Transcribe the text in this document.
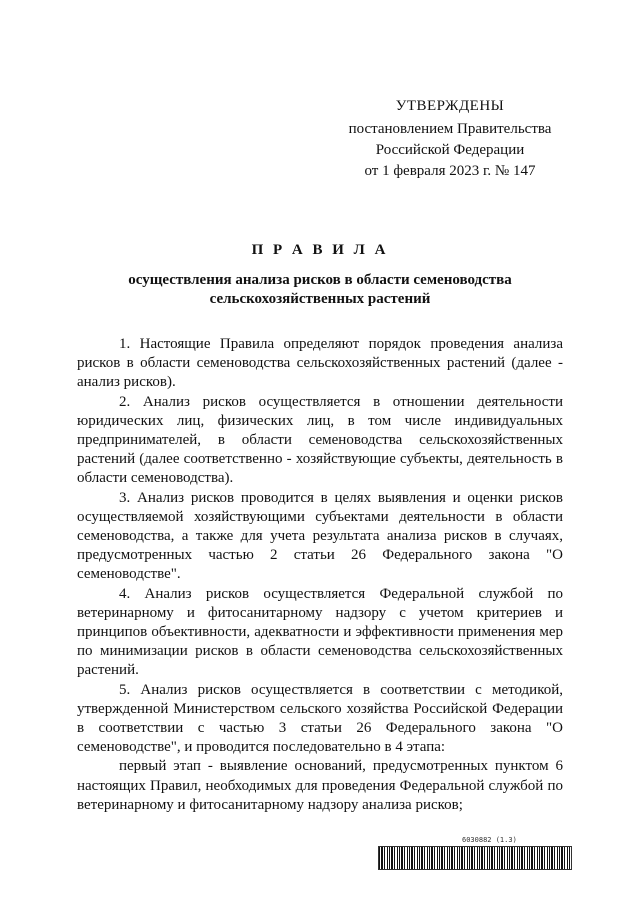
УТВЕРЖДЕНЫ
постановлением Правительства
Российской Федерации
от 1 февраля 2023 г. № 147
П Р А В И Л А
осуществления анализа рисков в области семеноводства
сельскохозяйственных растений

1. Настоящие Правила определяют порядок проведения анализа рисков в области семеноводства сельскохозяйственных растений (далее - анализ рисков).

2. Анализ рисков осуществляется в отношении деятельности юридических лиц, физических лиц, в том числе индивидуальных предпринимателей, в области семеноводства сельскохозяйственных растений (далее соответственно - хозяйствующие субъекты, деятельность в области семеноводства).

3. Анализ рисков проводится в целях выявления и оценки рисков осуществляемой хозяйствующими субъектами деятельности в области семеноводства, а также для учета результата анализа рисков в случаях, предусмотренных частью 2 статьи 26 Федерального закона "О семеноводстве".

4. Анализ рисков осуществляется Федеральной службой по ветеринарному и фитосанитарному надзору с учетом критериев и принципов объективности, адекватности и эффективности применения мер по минимизации рисков в области семеноводства сельскохозяйственных растений.

5. Анализ рисков осуществляется в соответствии с методикой, утвержденной Министерством сельского хозяйства Российской Федерации в соответствии с частью 3 статьи 26 Федерального закона "О семеноводстве", и проводится последовательно в 4 этапа:

первый этап - выявление оснований, предусмотренных пунктом 6 настоящих Правил, необходимых для проведения Федеральной службой по ветеринарному и фитосанитарному надзору анализа рисков;

6030882 (1.3)
